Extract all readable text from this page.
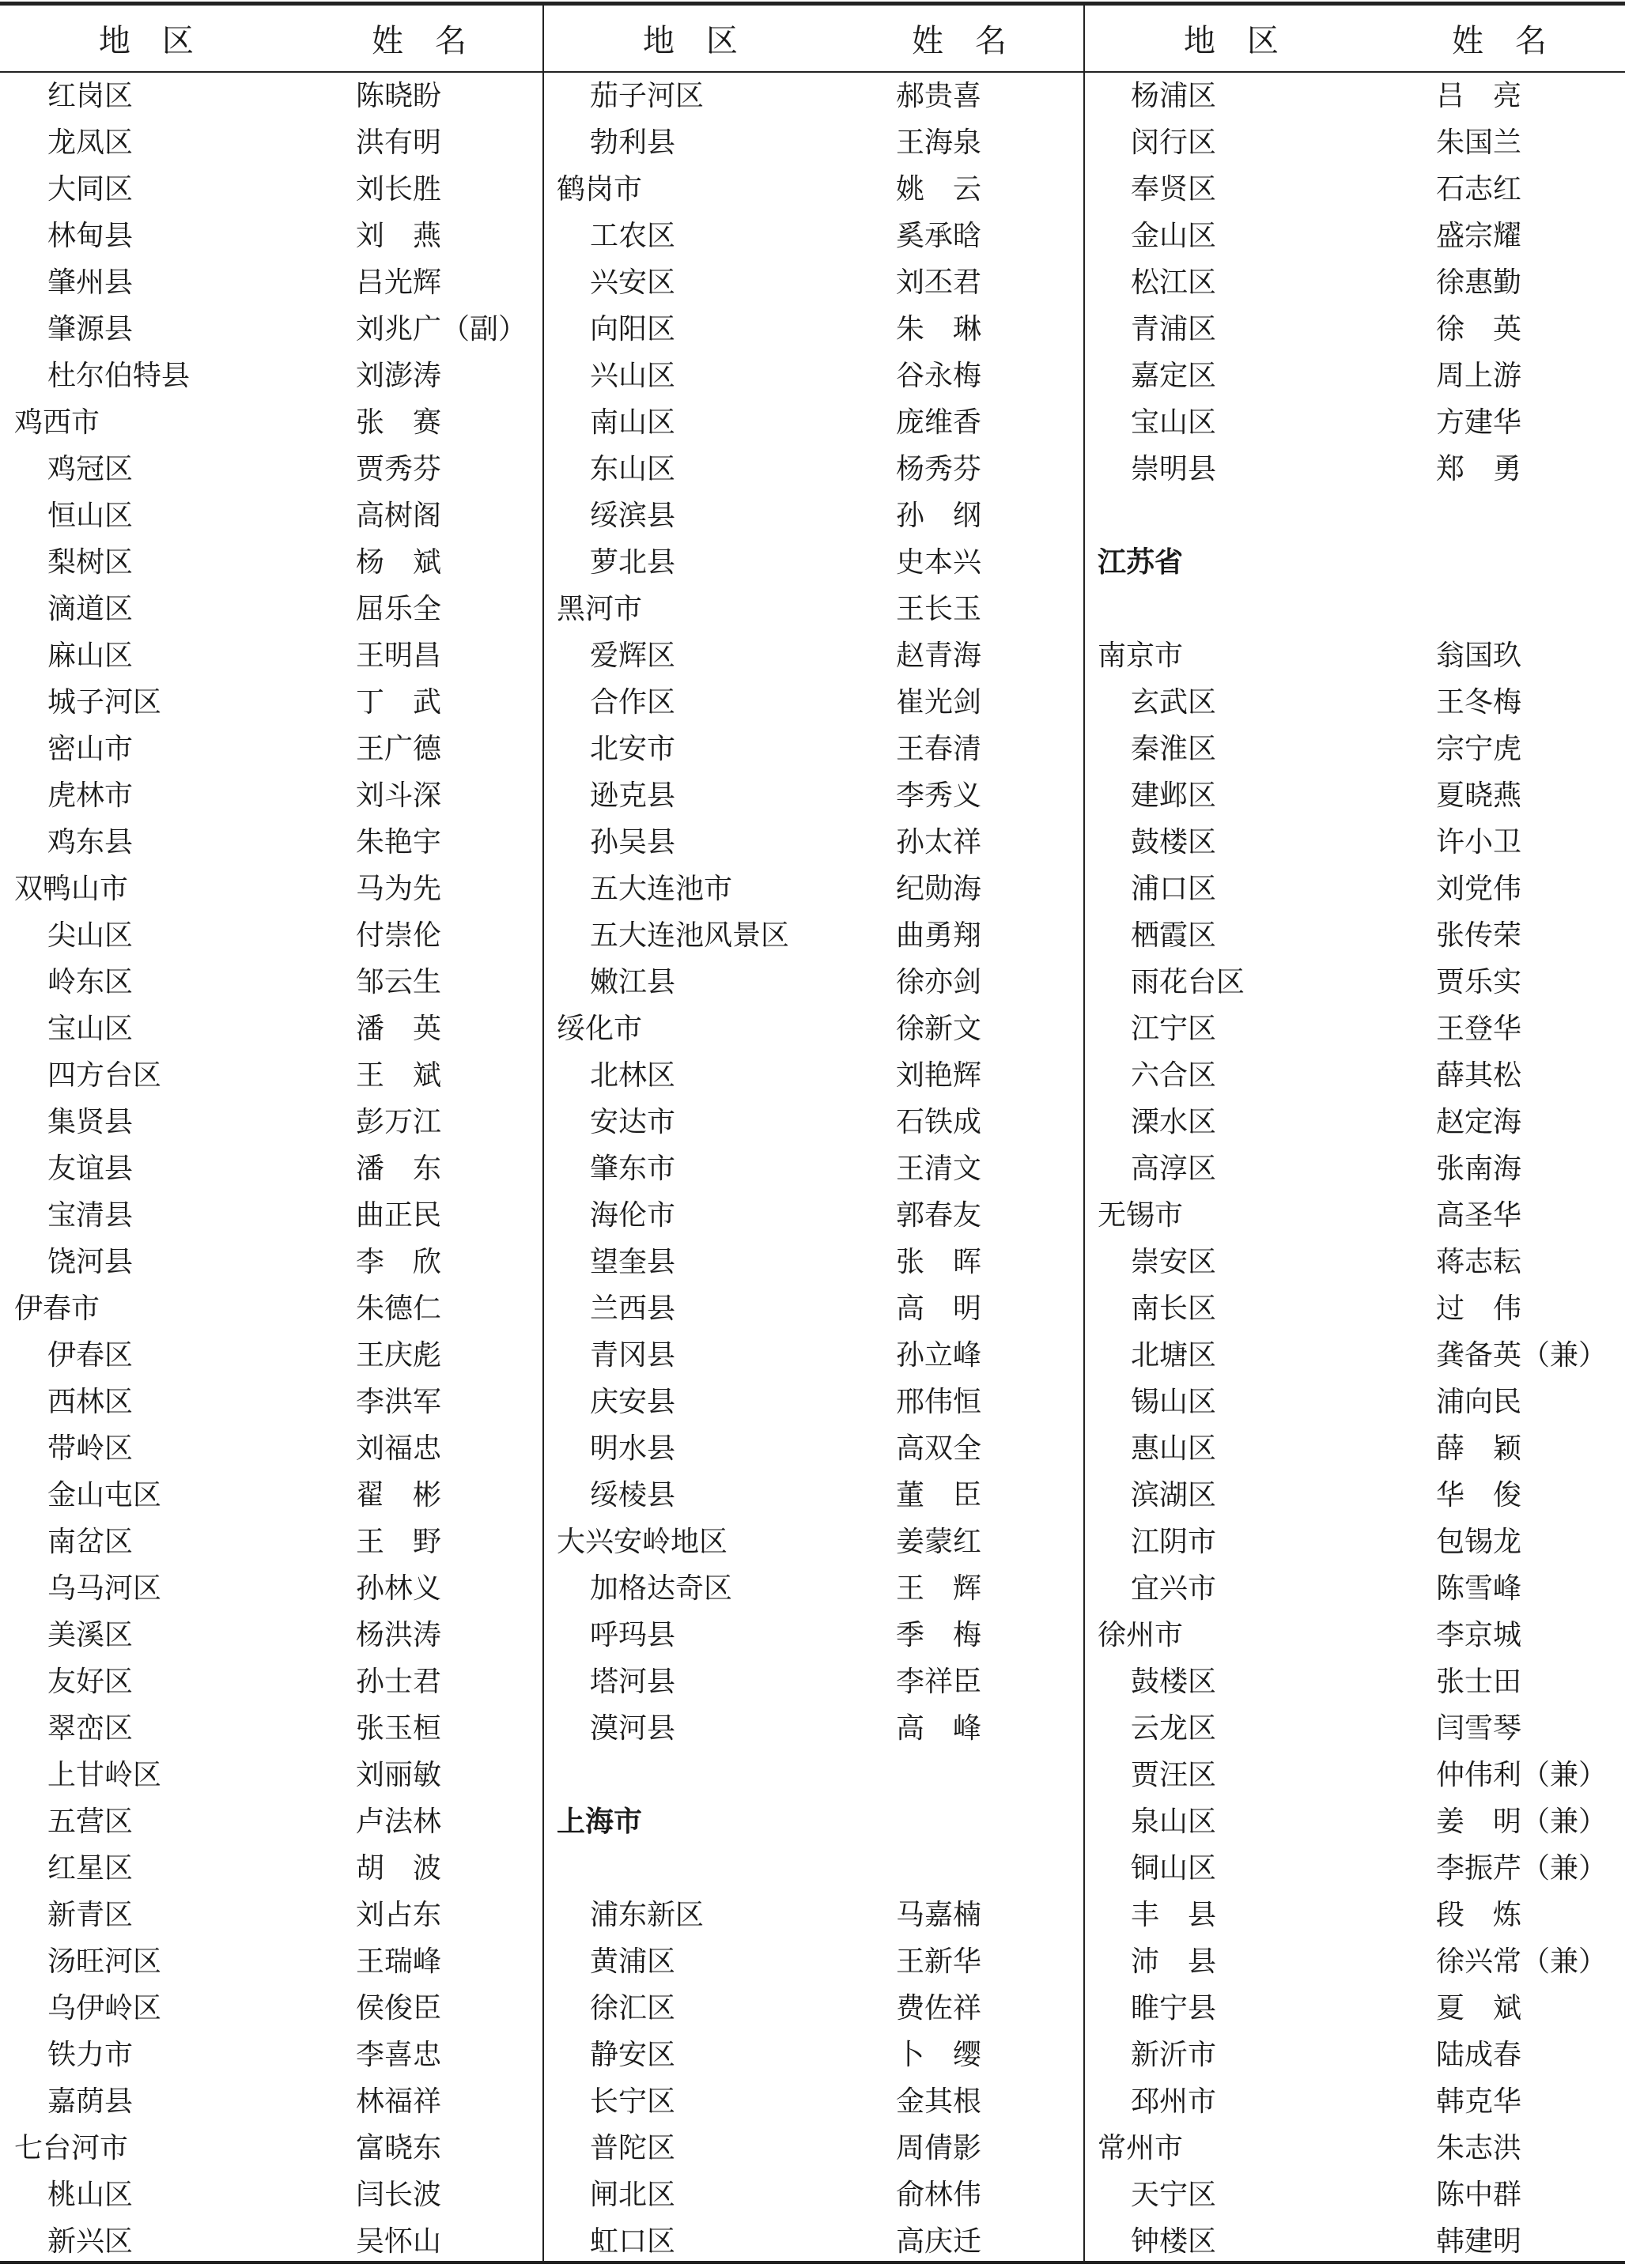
地　区	姓　名	地　区	姓　名	地　区	姓　名
红岗区	陈晓盼
龙凤区	洪有明
大同区	刘长胜
林甸县	刘　燕
肇州县	吕光辉
肇源县	刘兆广（副）
杜尔伯特县	刘澎涛
鸡西市	张　赛
鸡冠区	贾秀芬
恒山区	高树阁
梨树区	杨　斌
滴道区	屈乐全
麻山区	王明昌
城子河区	丁　武
密山市	王广德
虎林市	刘斗深
鸡东县	朱艳宇
双鸭山市	马为先
尖山区	付崇伦
岭东区	邹云生
宝山区	潘　英
四方台区	王　斌
集贤县	彭万江
友谊县	潘　东
宝清县	曲正民
饶河县	李　欣
伊春市	朱德仁
伊春区	王庆彪
西林区	李洪军
带岭区	刘福忠
金山屯区	翟　彬
南岔区	王　野
乌马河区	孙林义
美溪区	杨洪涛
友好区	孙士君
翠峦区	张玉桓
上甘岭区	刘丽敏
五营区	卢法林
红星区	胡　波
新青区	刘占东
汤旺河区	王瑞峰
乌伊岭区	侯俊臣
铁力市	李喜忠
嘉荫县	林福祥
七台河市	富晓东
桃山区	闫长波
新兴区	吴怀山
茄子河区	郝贵喜
勃利县	王海泉
鹤岗市	姚　云
工农区	奚承晗
兴安区	刘丕君
向阳区	朱　琳
兴山区	谷永梅
南山区	庞维香
东山区	杨秀芬
绥滨县	孙　纲
萝北县	史本兴
黑河市	王长玉
爱辉区	赵青海
合作区	崔光剑
北安市	王春清
逊克县	李秀义
孙吴县	孙太祥
五大连池市	纪勋海
五大连池风景区	曲勇翔
嫩江县	徐亦剑
绥化市	徐新文
北林区	刘艳辉
安达市	石铁成
肇东市	王清文
海伦市	郭春友
望奎县	张　晖
兰西县	高　明
青冈县	孙立峰
庆安县	邢伟恒
明水县	高双全
绥棱县	董　臣
大兴安岭地区	姜蒙红
加格达奇区	王　辉
呼玛县	季　梅
塔河县	李祥臣
漠河县	高　峰
上海市
浦东新区	马嘉楠
黄浦区	王新华
徐汇区	费佐祥
静安区	卜　缨
长宁区	金其根
普陀区	周倩影
闸北区	俞林伟
虹口区	高庆迁
杨浦区	吕　亮
闵行区	朱国兰
奉贤区	石志红
金山区	盛宗耀
松江区	徐惠勤
青浦区	徐　英
嘉定区	周上游
宝山区	方建华
崇明县	郑　勇
江苏省
南京市	翁国玖
玄武区	王冬梅
秦淮区	宗宁虎
建邺区	夏晓燕
鼓楼区	许小卫
浦口区	刘党伟
栖霞区	张传荣
雨花台区	贾乐实
江宁区	王登华
六合区	薛其松
溧水区	赵定海
高淳区	张南海
无锡市	高圣华
崇安区	蒋志耘
南长区	过　伟
北塘区	龚备英（兼）
锡山区	浦向民
惠山区	薛　颖
滨湖区	华　俊
江阴市	包锡龙
宜兴市	陈雪峰
徐州市	李京城
鼓楼区	张士田
云龙区	闫雪琴
贾汪区	仲伟利（兼）
泉山区	姜　明（兼）
铜山区	李振芹（兼）
丰　县	段　炼
沛　县	徐兴常（兼）
睢宁县	夏　斌
新沂市	陆成春
邳州市	韩克华
常州市	朱志洪
天宁区	陈中群
钟楼区	韩建明
